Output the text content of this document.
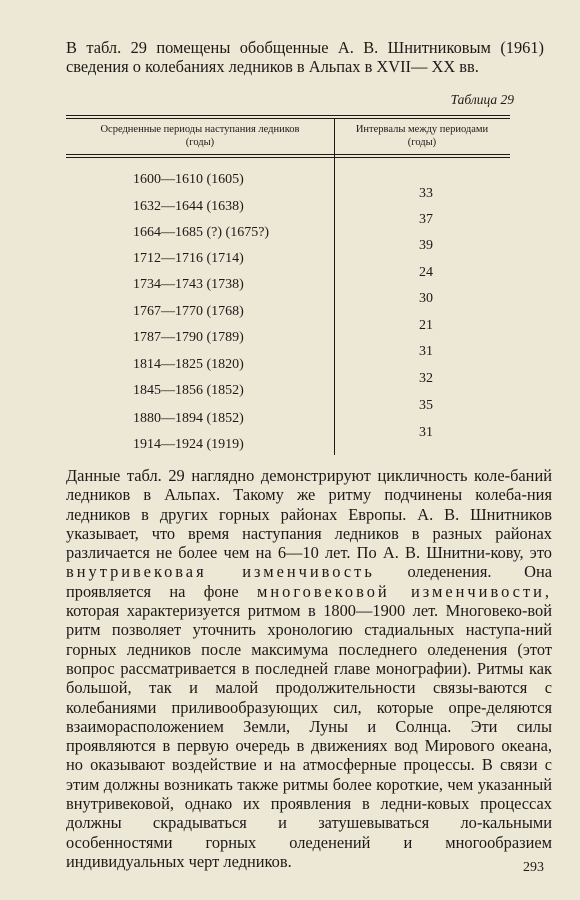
В табл. 29 помещены обобщенные А. В. Шнитниковым (1961) сведения о колебаниях ледников в Альпах в XVII— XX вв.

Таблица 29
Осредненные периоды наступания ледников
(годы)
Интервалы между периодами
(годы)
1600—1610 (1605)
1632—1644 (1638)
1664—1685 (?) (1675?)
1712—1716 (1714)
1734—1743 (1738)
1767—1770 (1768)
1787—1790 (1789)
1814—1825 (1820)
1845—1856 (1852)
1880—1894 (1852)
1914—1924 (1919)
33
37
39
24
30
21
31
32
35
31

Данные табл. 29 наглядно демонстрируют цикличность коле-баний ледников в Альпах. Такому же ритму подчинены колеба-ния ледников в других горных районах Европы. А. В. Шнитников указывает, что время наступания ледников в разных районах различается не более чем на 6—10 лет. По А. В. Шнитни-кову, это внутривековая изменчивость оледенения. Она проявляется на фоне многовековой изменчивости, которая характеризуется ритмом в 1800—1900 лет. Многовеко-вой ритм позволяет уточнить хронологию стадиальных наступа-ний горных ледников после максимума последнего оледенения (этот вопрос рассматривается в последней главе монографии). Ритмы как большой, так и малой продолжительности связы-ваются с колебаниями приливообразующих сил, которые опре-деляются взаиморасположением Земли, Луны и Солнца. Эти силы проявляются в первую очередь в движениях вод Мирового океана, но оказывают воздействие и на атмосферные процессы. В связи с этим должны возникать также ритмы более короткие, чем указанный внутривековой, однако их проявления в ледни-ковых процессах должны скрадываться и затушевываться ло-кальными особенностями горных оледенений и многообразием индивидуальных черт ледников.	293
